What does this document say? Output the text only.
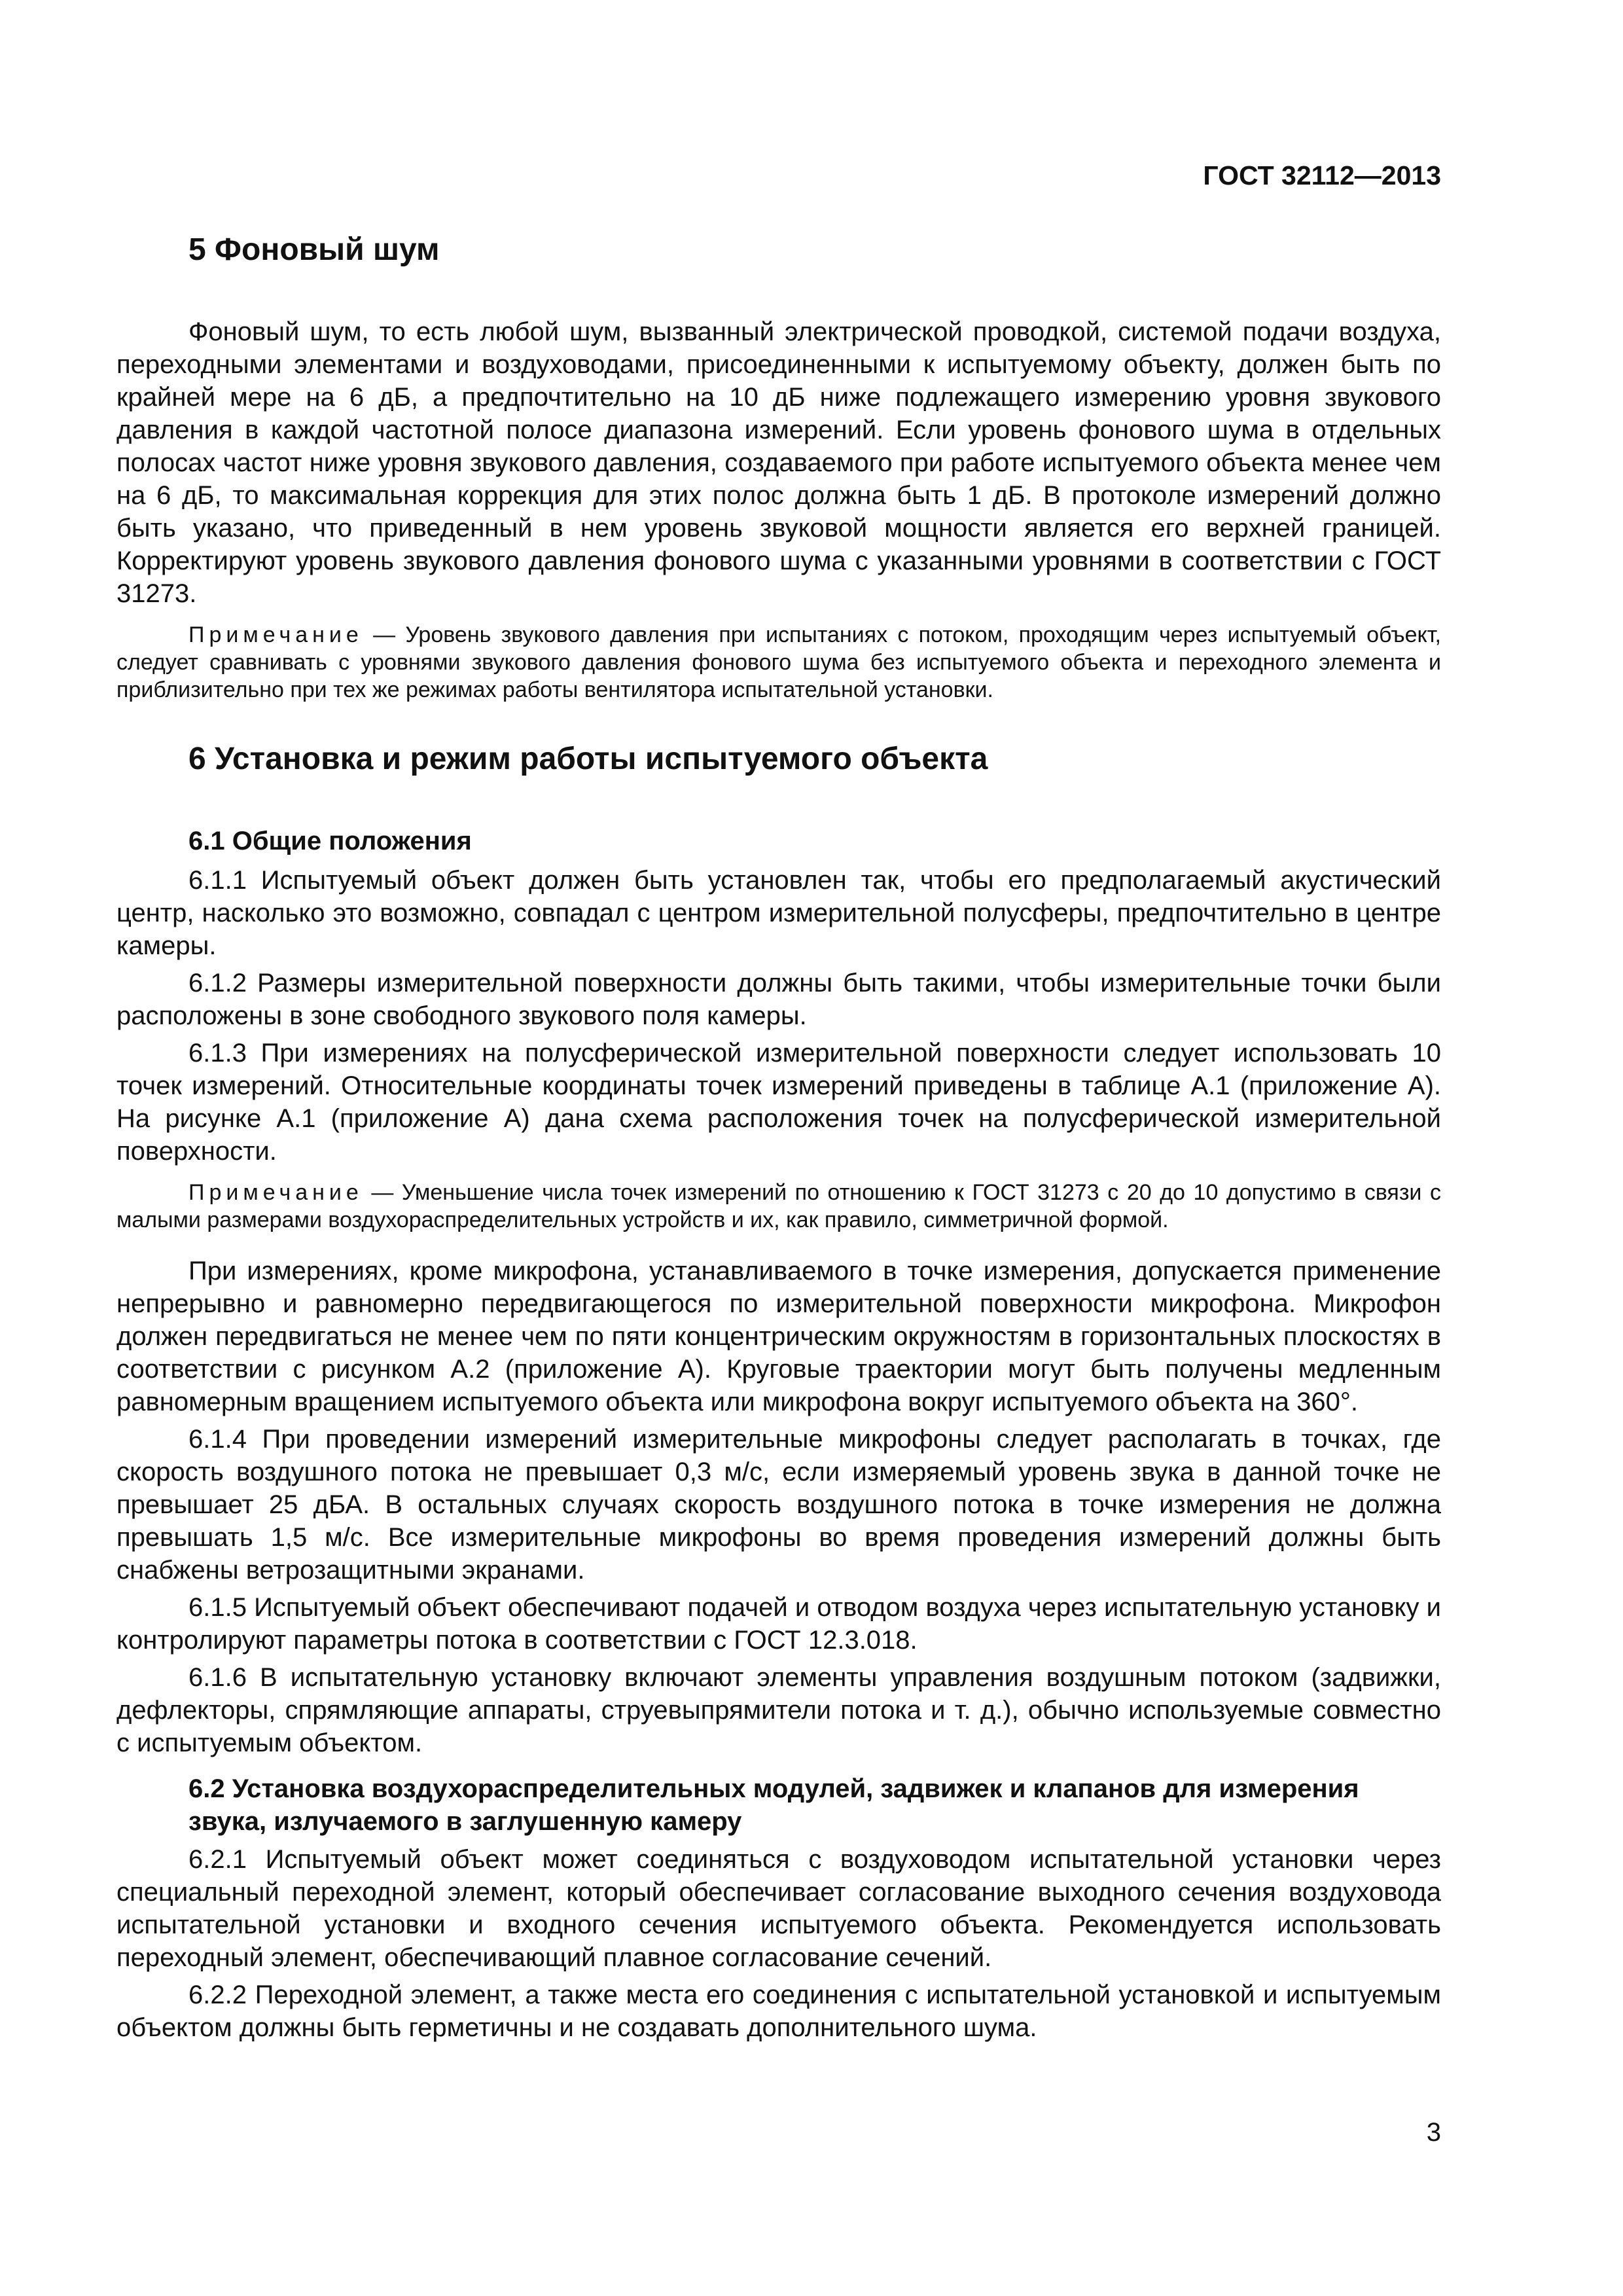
ГОСТ 32112—2013
5 Фоновый шум

Фоновый шум, то есть любой шум, вызванный электрической проводкой, системой подачи воздуха, переходными элементами и воздуховодами, присоединенными к испытуемому объекту, должен быть по крайней мере на 6 дБ, а предпочтительно на 10 дБ ниже подлежащего измерению уровня звукового давления в каждой частотной полосе диапазона измерений. Если уровень фонового шума в отдельных полосах частот ниже уровня звукового давления, создаваемого при работе испытуемого объекта менее чем на 6 дБ, то максимальная коррекция для этих полос должна быть 1 дБ. В протоколе измерений должно быть указано, что приведенный в нем уровень звуковой мощности является его верхней границей. Корректируют уровень звукового давления фонового шума с указанными уровнями в соответствии с ГОСТ 31273.

Примечание — Уровень звукового давления при испытаниях с потоком, проходящим через испытуемый объект, следует сравнивать с уровнями звукового давления фонового шума без испытуемого объекта и переходного элемента и приблизительно при тех же режимах работы вентилятора испытательной установки.

6 Установка и режим работы испытуемого объекта
6.1 Общие положения

6.1.1 Испытуемый объект должен быть установлен так, чтобы его предполагаемый акустический центр, насколько это возможно, совпадал с центром измерительной полусферы, предпочтительно в центре камеры.

6.1.2 Размеры измерительной поверхности должны быть такими, чтобы измерительные точки были расположены в зоне свободного звукового поля камеры.

6.1.3 При измерениях на полусферической измерительной поверхности следует использовать 10 точек измерений. Относительные координаты точек измерений приведены в таблице А.1 (приложение А). На рисунке А.1 (приложение А) дана схема расположения точек на полусферической измерительной поверхности.

Примечание — Уменьшение числа точек измерений по отношению к ГОСТ 31273 с 20 до 10 допустимо в связи с малыми размерами воздухораспределительных устройств и их, как правило, симметричной формой.

При измерениях, кроме микрофона, устанавливаемого в точке измерения, допускается применение непрерывно и равномерно передвигающегося по измерительной поверхности микрофона. Микрофон должен передвигаться не менее чем по пяти концентрическим окружностям в горизонтальных плоскостях в соответствии с рисунком А.2 (приложение А). Круговые траектории могут быть получены медленным равномерным вращением испытуемого объекта или микрофона вокруг испытуемого объекта на 360°.

6.1.4 При проведении измерений измерительные микрофоны следует располагать в точках, где скорость воздушного потока не превышает 0,3 м/с, если измеряемый уровень звука в данной точке не превышает 25 дБА. В остальных случаях скорость воздушного потока в точке измерения не должна превышать 1,5 м/с. Все измерительные микрофоны во время проведения измерений должны быть снабжены ветрозащитными экранами.

6.1.5 Испытуемый объект обеспечивают подачей и отводом воздуха через испытательную установку и контролируют параметры потока в соответствии с ГОСТ 12.3.018.

6.1.6 В испытательную установку включают элементы управления воздушным потоком (задвижки, дефлекторы, спрямляющие аппараты, струевыпрямители потока и т. д.), обычно используемые совместно с испытуемым объектом.

6.2 Установка воздухораспределительных модулей, задвижек и клапанов для измерения звука, излучаемого в заглушенную камеру

6.2.1 Испытуемый объект может соединяться с воздуховодом испытательной установки через специальный переходной элемент, который обеспечивает согласование выходного сечения воздуховода испытательной установки и входного сечения испытуемого объекта. Рекомендуется использовать переходный элемент, обеспечивающий плавное согласование сечений.

6.2.2 Переходной элемент, а также места его соединения с испытательной установкой и испытуемым объектом должны быть герметичны и не создавать дополнительного шума.

3
